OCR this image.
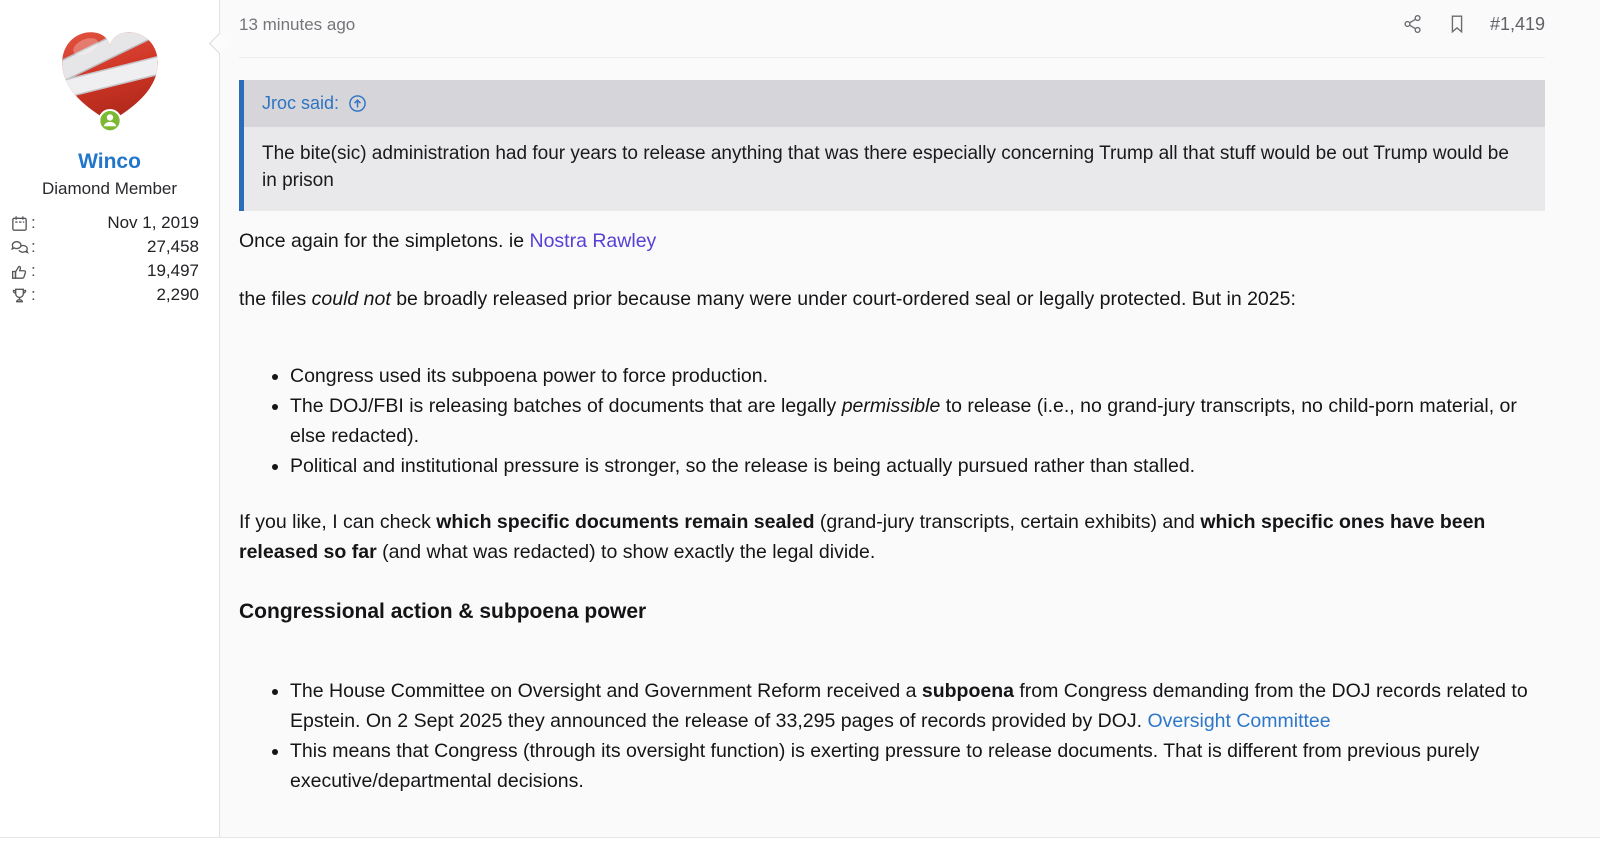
Winco
Diamond Member
:	Nov 1, 2019
:	27,458
:	19,497
:	2,290
13 minutes ago	#1,419
Jroc said:
The bite(sic) administration had four years to release anything that was there especially concerning Trump all that stuff would be out Trump would be in prison

Once again for the simpletons. ie Nostra Rawley

the files could not be broadly released prior because many were under court-ordered seal or legally protected. But in 2025:

• Congress used its subpoena power to force production.
• The DOJ/FBI is releasing batches of documents that are legally permissible to release (i.e., no grand-jury transcripts, no child-porn material, or else redacted).
• Political and institutional pressure is stronger, so the release is being actually pursued rather than stalled.

If you like, I can check which specific documents remain sealed (grand-jury transcripts, certain exhibits) and which specific ones have been released so far (and what was redacted) to show exactly the legal divide.

Congressional action & subpoena power

• The House Committee on Oversight and Government Reform received a subpoena from Congress demanding from the DOJ records related to Epstein. On 2 Sept 2025 they announced the release of 33,295 pages of records provided by DOJ. Oversight Committee
• This means that Congress (through its oversight function) is exerting pressure to release documents. That is different from previous purely executive/departmental decisions.
